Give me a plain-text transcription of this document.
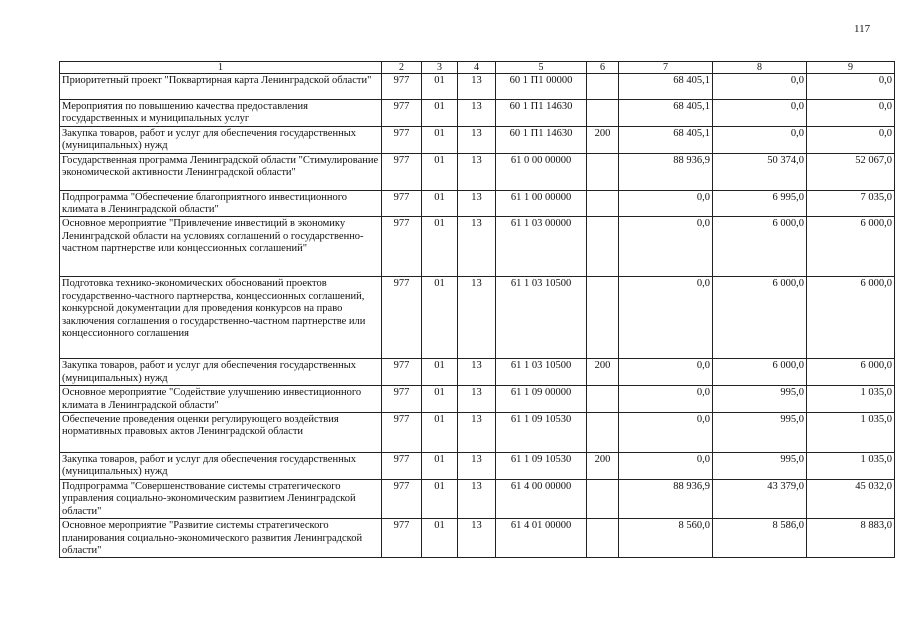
117
1	2	3	4	5	6	7	8	9
Приоритетный проект "Поквартирная карта Ленинградской области"	977	01	13	60 1 П1 00000		68 405,1	0,0	0,0
Мероприятия по повышению качества предоставления государственных и муниципальных услуг	977	01	13	60 1 П1 14630		68 405,1	0,0	0,0
Закупка товаров, работ и услуг для обеспечения государственных (муниципальных) нужд	977	01	13	60 1 П1 14630	200	68 405,1	0,0	0,0
Государственная программа Ленинградской области "Стимулирование экономической активности Ленинградской области"	977	01	13	61 0 00 00000		88 936,9	50 374,0	52 067,0
Подпрограмма "Обеспечение благоприятного инвестиционного климата в Ленинградской области"	977	01	13	61 1 00 00000		0,0	6 995,0	7 035,0
Основное мероприятие "Привлечение инвестиций в экономику Ленинградской области на условиях соглашений о государственно-частном партнерстве или концессионных соглашений"	977	01	13	61 1 03 00000		0,0	6 000,0	6 000,0
Подготовка технико-экономических обоснований проектов государственно-частного партнерства, концессионных соглашений, конкурсной документации для проведения конкурсов на право заключения соглашения о государственно-частном партнерстве или концессионного соглашения	977	01	13	61 1 03 10500		0,0	6 000,0	6 000,0
Закупка товаров, работ и услуг для обеспечения государственных (муниципальных) нужд	977	01	13	61 1 03 10500	200	0,0	6 000,0	6 000,0
Основное мероприятие "Содействие улучшению инвестиционного климата в Ленинградской области"	977	01	13	61 1 09 00000		0,0	995,0	1 035,0
Обеспечение проведения оценки регулирующего воздействия нормативных правовых актов Ленинградской области	977	01	13	61 1 09 10530		0,0	995,0	1 035,0
Закупка товаров, работ и услуг для обеспечения государственных (муниципальных) нужд	977	01	13	61 1 09 10530	200	0,0	995,0	1 035,0
Подпрограмма "Совершенствование системы стратегического управления социально-экономическим развитием Ленинградской области"	977	01	13	61 4 00 00000		88 936,9	43 379,0	45 032,0
Основное мероприятие "Развитие системы стратегического планирования социально-экономического развития Ленинградской области"	977	01	13	61 4 01 00000		8 560,0	8 586,0	8 883,0
